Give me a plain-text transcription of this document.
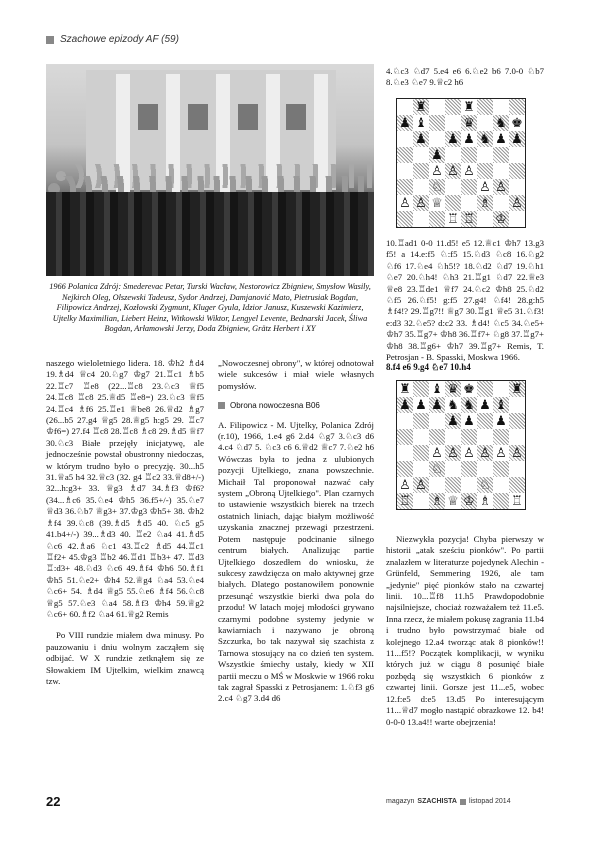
Szachowe epizody AF (59)
1966 Polanica Zdrój: Smederevac Petar, Turski Wacław, Nestorowicz Zbigniew, Smysłow Wasily, Nejkirch Oleg, Olszewski Tadeusz, Sydor Andrzej, Damjanović Mato, Pietrusiak Bogdan, Filipowicz Andrzej, Kozłowski Zygmunt, Kluger Gyula, Idzior Janusz, Kuszewski Kazimierz, Ujtelky Maximilian, Liebert Heinz, Witkowski Wiktor, Lengyel Levente, Bednarski Jacek, Śliwa Bogdan, Arłamowski Jerzy, Doda Zbigniew, Grätz Herbert i XY

naszego wieloletniego lidera. 18. ♔h2 ♗d4 19.♗d4 ♕c4 20.♘g7 ♔g7 21.♖c1 ♗b5 22.♖c7 ♖e8 (22...♖c8 23.♘c3 ♕f5 24.♖c8 ♖c8 25.♕d5 ♖e8=) 23.♘c3 ♕f5 24.♖c4 ♗f6 25.♖e1 ♕be8 26.♕d2 ♗g7 (26...b5 27.g4 ♕g5 28.♕g5 h:g5 29. ♖c7 ♔f6=) 27.f4 ♖c8 28.♖c8 ♗c8 29.♗d5 ♕f7 30.♘c3 Białe przejęły inicjatywę, ale jednocześnie powstał obustronny niedoczas, w którym trudno było o precyzję. 30...h5 31.♕a5 h4 32.♕c3 (32. g4 ♖c2 33.♕d8+/-) 32...h:g3+ 33. ♕g3 ♗d7 34.♗f3 ♔f6? (34...♗c6 35.♘e4 ♔h5 36.f5+/-) 35.♘e7 ♕d3 36.♘b7 ♕g3+ 37.♔g3 ♔h5+ 38. ♔h2 ♗f4 39.♘c8 (39.♗d5 ♗d5 40. ♘c5 g5 41.b4+/-) 39...♗d3 40. ♖e2 ♘a4 41.♗d5 ♘c6 42.♗a6 ♘c1 43.♖c2 ♗d5 44.♖c1 ♖f2+ 45.♔g3 ♖b2 46.♖d1 ♖b3+ 47. ♖d3 ♖:d3+ 48.♘d3 ♘c6 49.♗f4 ♔h6 50.♗f1 ♔h5 51.♘e2+ ♔h4 52.♕g4 ♘a4 53.♘e4 ♘c6+ 54. ♗d4 ♕g5 55.♘e6 ♗f4 56.♘c8 ♕g5 57.♘e3 ♘a4 58.♗f3 ♔h4 59.♕g2 ♘c6+ 60.♗f2 ♘a4 61.♕g2 Remis

Po VIII rundzie miałem dwa minusy. Po pauzowaniu i dniu wolnym zacząłem się odbijać. W X rundzie zetknąłem się ze Słowakiem IM Ujtelkim, wielkim znawcą tzw.

„Nowoczesnej obrony", w której odnotował wiele sukcesów i miał wiele własnych pomysłów.

Obrona nowoczesna B06

A. Filipowicz - M. Ujtelky, Polanica Zdrój (r.10), 1966, 1.e4 g6 2.d4 ♘g7 3.♘c3 d6 4.c4 ♘d7 5. ♘c3 c6 6.♕d2 ♕c7 7.♘e2 h6 Wówczas była to jedna z ulubionych pozycji Ujtelkiego, znana powszechnie. Michaił Tal proponował nazwać cały system „Obroną Ujtelkiego". Plan czarnych to ustawienie wszystkich bierek na trzech ostatnich liniach, dając białym możliwość uzyskania znacznej przewagi przestrzeni. Potem następuje podcinanie silnego centrum białych. Analizując partie Ujtelkiego doszedłem do wniosku, że sukcesy zawdzięcza on mało aktywnej grze białych. Dlatego postanowiłem ponownie przesunąć wszystkie bierki dwa pola do przodu! W latach mojej młodości grywano czarnymi podobne systemy jedynie w kawiarniach i nazywano je obroną Szczurka, bo tak nazywał się szachista z Tarnowa stosujący na co dzień ten system. Wszystkie śmiechy ustały, kiedy w XII partii meczu o MŚ w Moskwie w 1966 roku tak zagrał Spasski z Petrosjanem: 1.♘f3 g6 2.c4 ♘g7 3.d4 d6

4.♘c3 ♘d7 5.e4 e6 6.♘e2 b6 7.0-0 ♘b7 8.♘e3 ♘e7 9.♕c2 h6

♜	♜
♟ ♝	♛ ♞ ♚
♟ ♟ ♟ ♞ ♟ ♟
♟
♙ ♙ ♙
♘	♙ ♙
♙ ♙ ♕	♗ ♙
♖ ♖ ♔

10.♖ad1 0-0 11.d5! e5 12.♕c1 ♔h7 13.g3 f5! a 14.e:f5 ♘:f5 15.♘d3 ♘c8 16.♘g2 ♘f6 17.♘e4 ♘h5!? 18.♘d2 ♘d7 19.♘h1 ♘e7 20.♘h4! ♘h3 21.♖g1 ♘d7 22.♕e3 ♕e8 23.♖de1 ♕f7 24.♘c2 ♔h8 25.♘d2 ♘f5 26.♘f5! g:f5 27.g4! ♘f4! 28.g:h5 ♗f4!? 29.♖g7!! ♕g7 30.♖g1 ♕e5 31.♘f3! e:d3 32.♘e5? d:c2 33. ♗d4! ♘c5 34.♘e5+ ♔h7 35.♖g7+ ♔h8 36.♖f7+ ♘g8 37.♖g7+ ♔h8 38.♖g6+ ♔h7 39.♖g7+ Remis, T. Petrosjan - B. Spasski, Moskwa 1966.

8.f4 e6 9.g4 ♘e7 10.h4
♜ ♝ ♛ ♚	♜
♟ ♟ ♟ ♞ ♞ ♟ ♝
♟ ♟ ♟
♙ ♙ ♙ ♙ ♙ ♙
♘
♙ ♙	♘
♖ ♗ ♕ ♔ ♗ ♖

Niezwykła pozycja! Chyba pierwszy w historii „atak sześciu pionków". Po partii znalazłem w literaturze pojedynek Alechin - Grünfeld, Semmering 1926, ale tam „jedynie" pięć pionków stało na czwartej linii. 10...♖f8 11.h5 Prawdopodobnie najsilniejsze, chociaż rozważałem też 11.e5. Inna rzecz, że miałem pokusę zagrania 11.b4 i trudno było powstrzymać białe od kolejnego 12.a4 tworząc atak 8 pionków!! 11...f5!? Początek komplikacji, w wyniku których już w ciągu 8 posunięć białe pozbędą się wszystkich 6 pionków z czwartej linii. Gorsze jest 11...e5, wobec 12.f:e5 d:e5 13.d5 Po interesującym 11...♕d7 mogło nastąpić obrazkowe 12. b4! 0-0-0 13.a4!! warte obejrzenia!

22	magazyn SZACHISTA listopad 2014
